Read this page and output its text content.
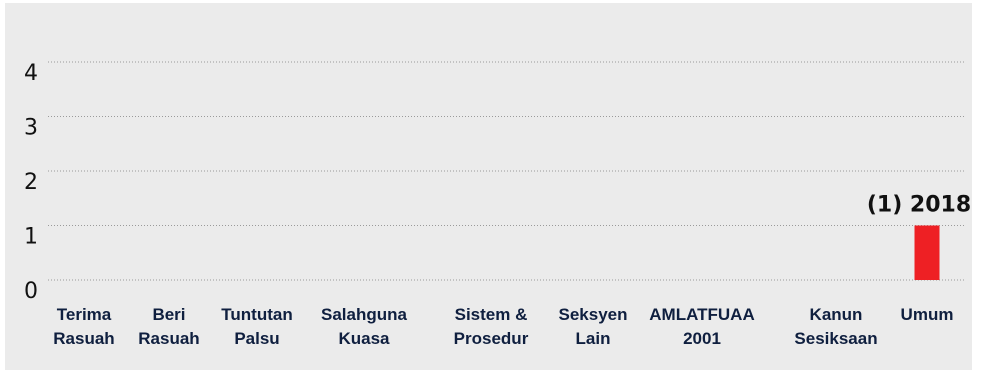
0
1
2
3
4
(1) 2018
Terima Rasuah
Beri Rasuah
Tuntutan Palsu
Salahguna Kuasa
Sistem & Prosedur
Seksyen Lain
AMLATFUAA 2001
Kanun Sesiksaan
Umum
